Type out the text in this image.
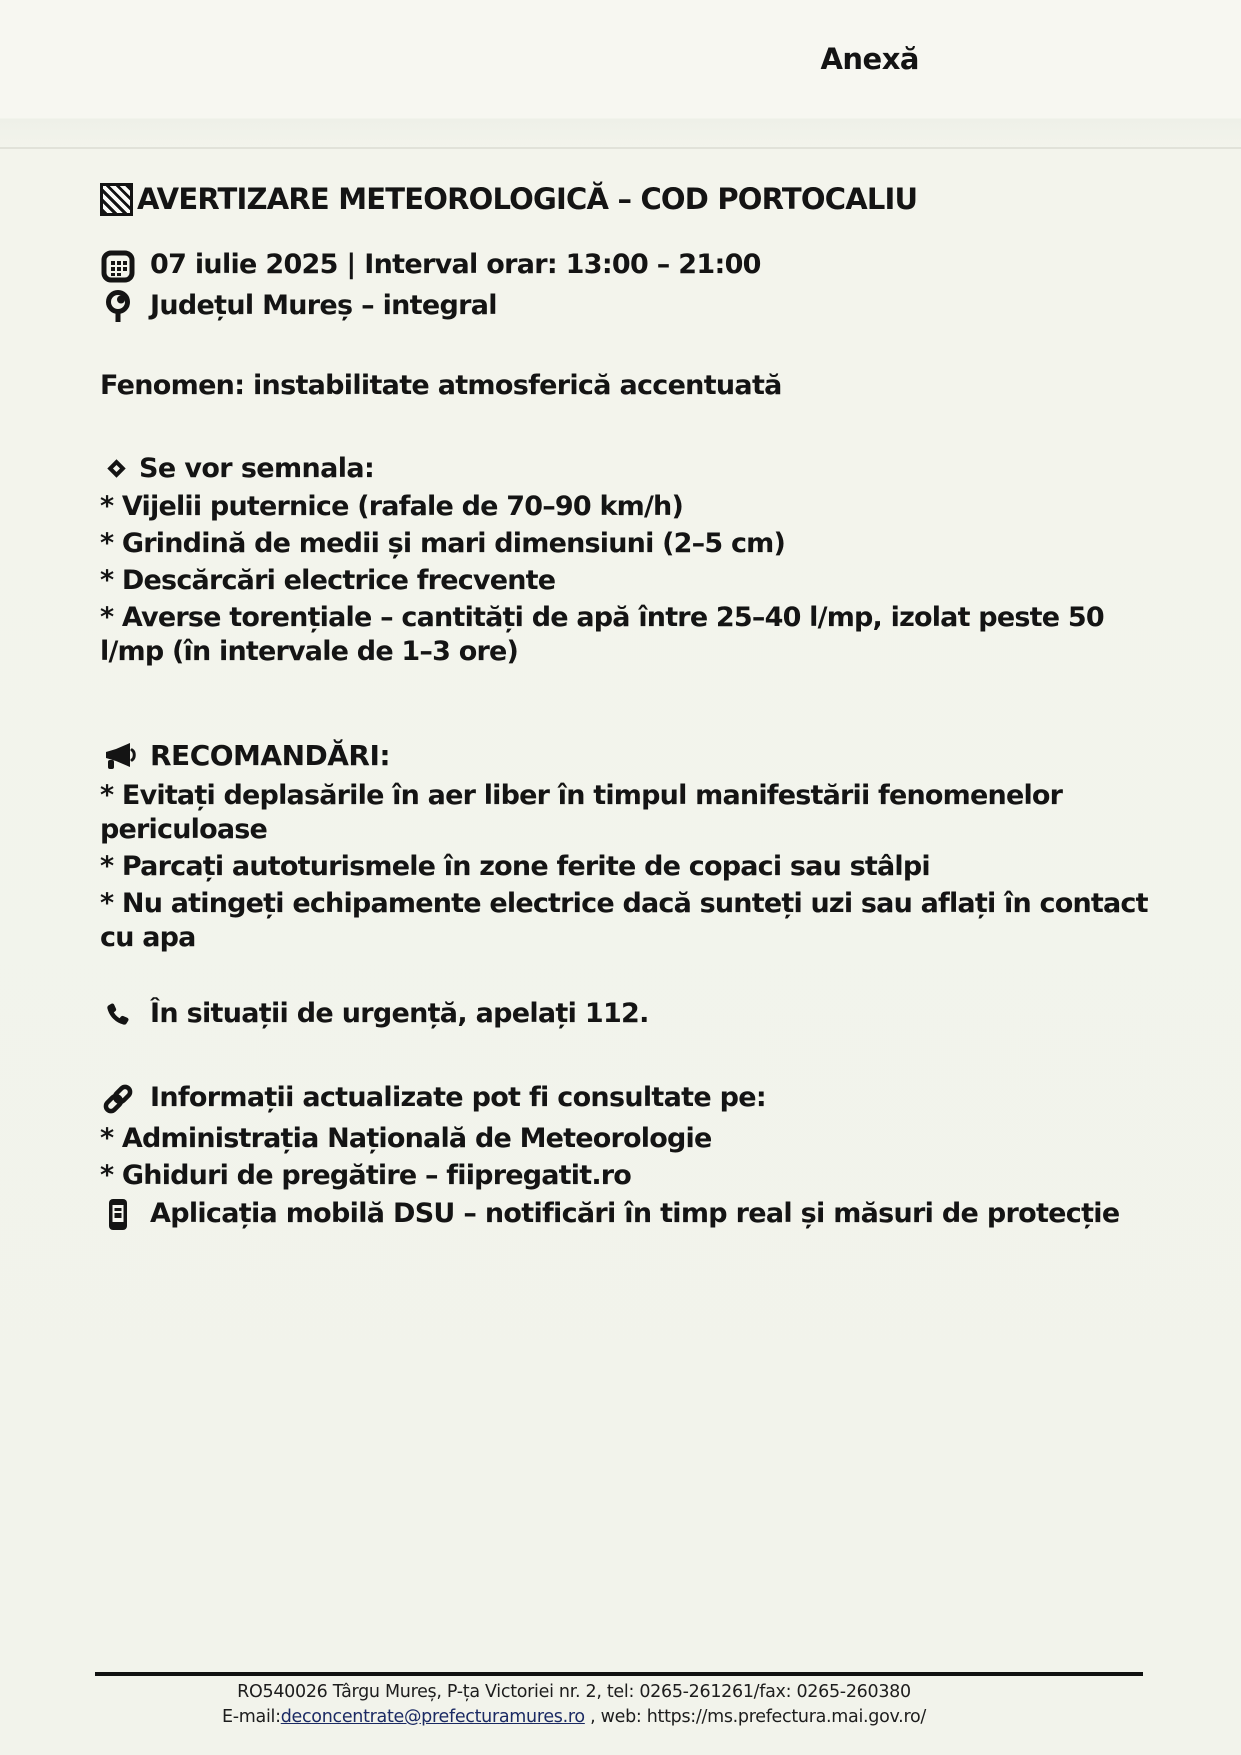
Anexă
AVERTIZARE METEOROLOGICĂ – COD PORTOCALIU
07 iulie 2025 | Interval orar: 13:00 – 21:00
Județul Mureș – integral
Fenomen: instabilitate atmosferică accentuată
Se vor semnala:
* Vijelii puternice (rafale de 70–90 km/h)
* Grindină de medii și mari dimensiuni (2–5 cm)
* Descărcări electrice frecvente
* Averse torențiale – cantități de apă între 25–40 l/mp, izolat peste 50 l/mp (în intervale de 1–3 ore)
RECOMANDĂRI:
* Evitați deplasările în aer liber în timpul manifestării fenomenelor periculoase
* Parcați autoturismele în zone ferite de copaci sau stâlpi
* Nu atingeți echipamente electrice dacă sunteți uzi sau aflați în contact cu apa
În situații de urgență, apelați 112.
Informații actualizate pot fi consultate pe:
* Administrația Națională de Meteorologie
* Ghiduri de pregătire – fiipregatit.ro
Aplicația mobilă DSU – notificări în timp real și măsuri de protecție
RO540026 Târgu Mureș, P-ța Victoriei nr. 2, tel: 0265-261261/fax: 0265-260380
E-mail:deconcentrate@prefecturamures.ro , web: https://ms.prefectura.mai.gov.ro/
